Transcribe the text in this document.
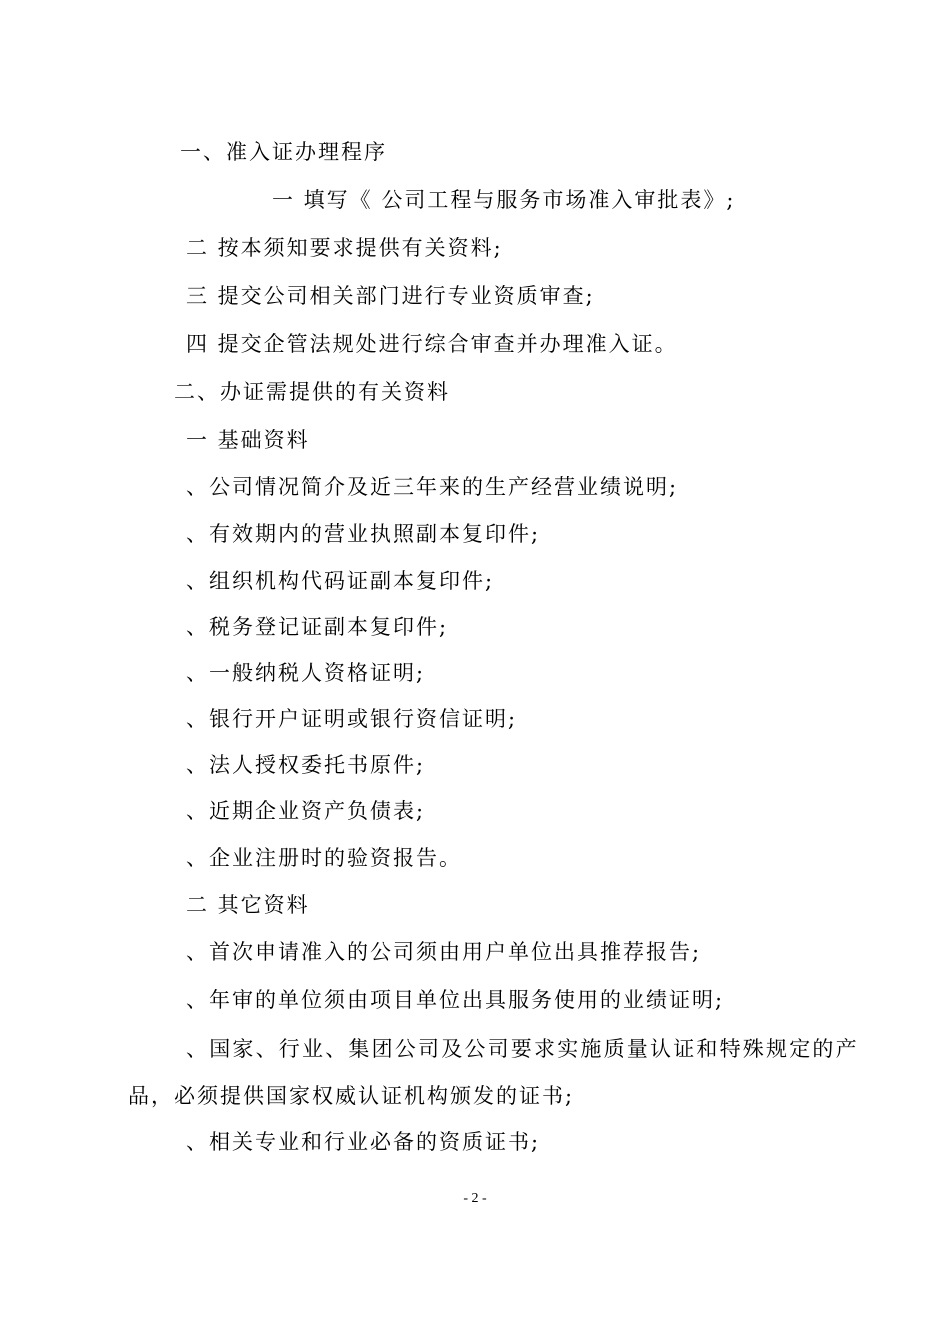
一、准入证办理程序
一 填写《 公司工程与服务市场准入审批表》;
二 按本须知要求提供有关资料;
三 提交公司相关部门进行专业资质审查;
四 提交企管法规处进行综合审查并办理准入证。
二、办证需提供的有关资料
一 基础资料
、公司情况简介及近三年来的生产经营业绩说明;
、有效期内的营业执照副本复印件;
、组织机构代码证副本复印件;
、税务登记证副本复印件;
、一般纳税人资格证明;
、银行开户证明或银行资信证明;
、法人授权委托书原件;
、近期企业资产负债表;
、企业注册时的验资报告。
二 其它资料
、首次申请准入的公司须由用户单位出具推荐报告;
、年审的单位须由项目单位出具服务使用的业绩证明;
、国家、行业、集团公司及公司要求实施质量认证和特殊规定的产
品，必须提供国家权威认证机构颁发的证书;
、相关专业和行业必备的资质证书;
- 2 -
